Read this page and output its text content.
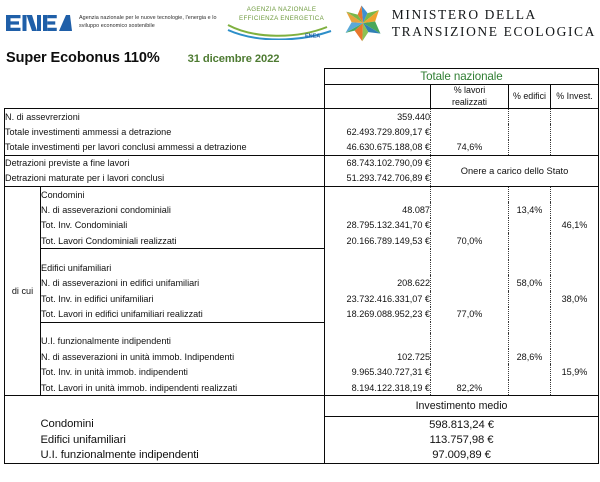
Agenzia nazionale per le nuove tecnologie, l'energia e lo sviluppo economico sostenibile
AGENZIA NAZIONALE
EFFICIENZA ENERGETICA
ENEA
MINISTERO DELLA
TRANSIZIONE ECOLOGICA
Super Ecobonus 110%	31 dicembre 2022
		Totale nazionale			
			% lavori
realizzati	% edifici	% Invest.
N. di assevrerzioni		359.440			
Totale investimenti ammessi a detrazione		62.493.729.809,17 €			
Totale investimenti per lavori conclusi ammessi a detrazione		46.630.675.188,08 €	74,6%		
Detrazioni previste a fine lavori		68.743.102.790,09 €	Onere a carico dello Stato		
Detrazioni maturate per i lavori conclusi		51.293.742.706,89 €			
di cui	Condomini				
	N. di asseverazioni condominiali	48.087		13,4%	
	Tot. Inv. Condominiali	28.795.132.341,70 €			46,1%
	Tot. Lavori Condominiali realizzati	20.166.789.149,53 €	70,0%		

	Edifici unifamiliari				
	N. di asseverazioni in edifici unifamiliari	208.622		58,0%	
	Tot. Inv. in edifici unifamiliari	23.732.416.331,07 €			38,0%
	Tot. Lavori in edifici unifamiliari realizzati	18.269.088.952,23 €	77,0%		

	U.I. funzionalmente indipendenti				
	N. di asseverazioni in unità immob. Indipendenti	102.725		28,6%	
	Tot. Inv. in unità immob. indipendenti	9.965.340.727,31 €			15,9%
	Tot. Lavori in unità immob. indipendenti realizzati	8.194.122.318,19 €	82,2%		
		Investimento medio			
	Condomini	598.813,24 €			
	Edifici unifamiliari	113.757,98 €			
	U.I. funzionalmente indipendenti	97.009,89 €			
